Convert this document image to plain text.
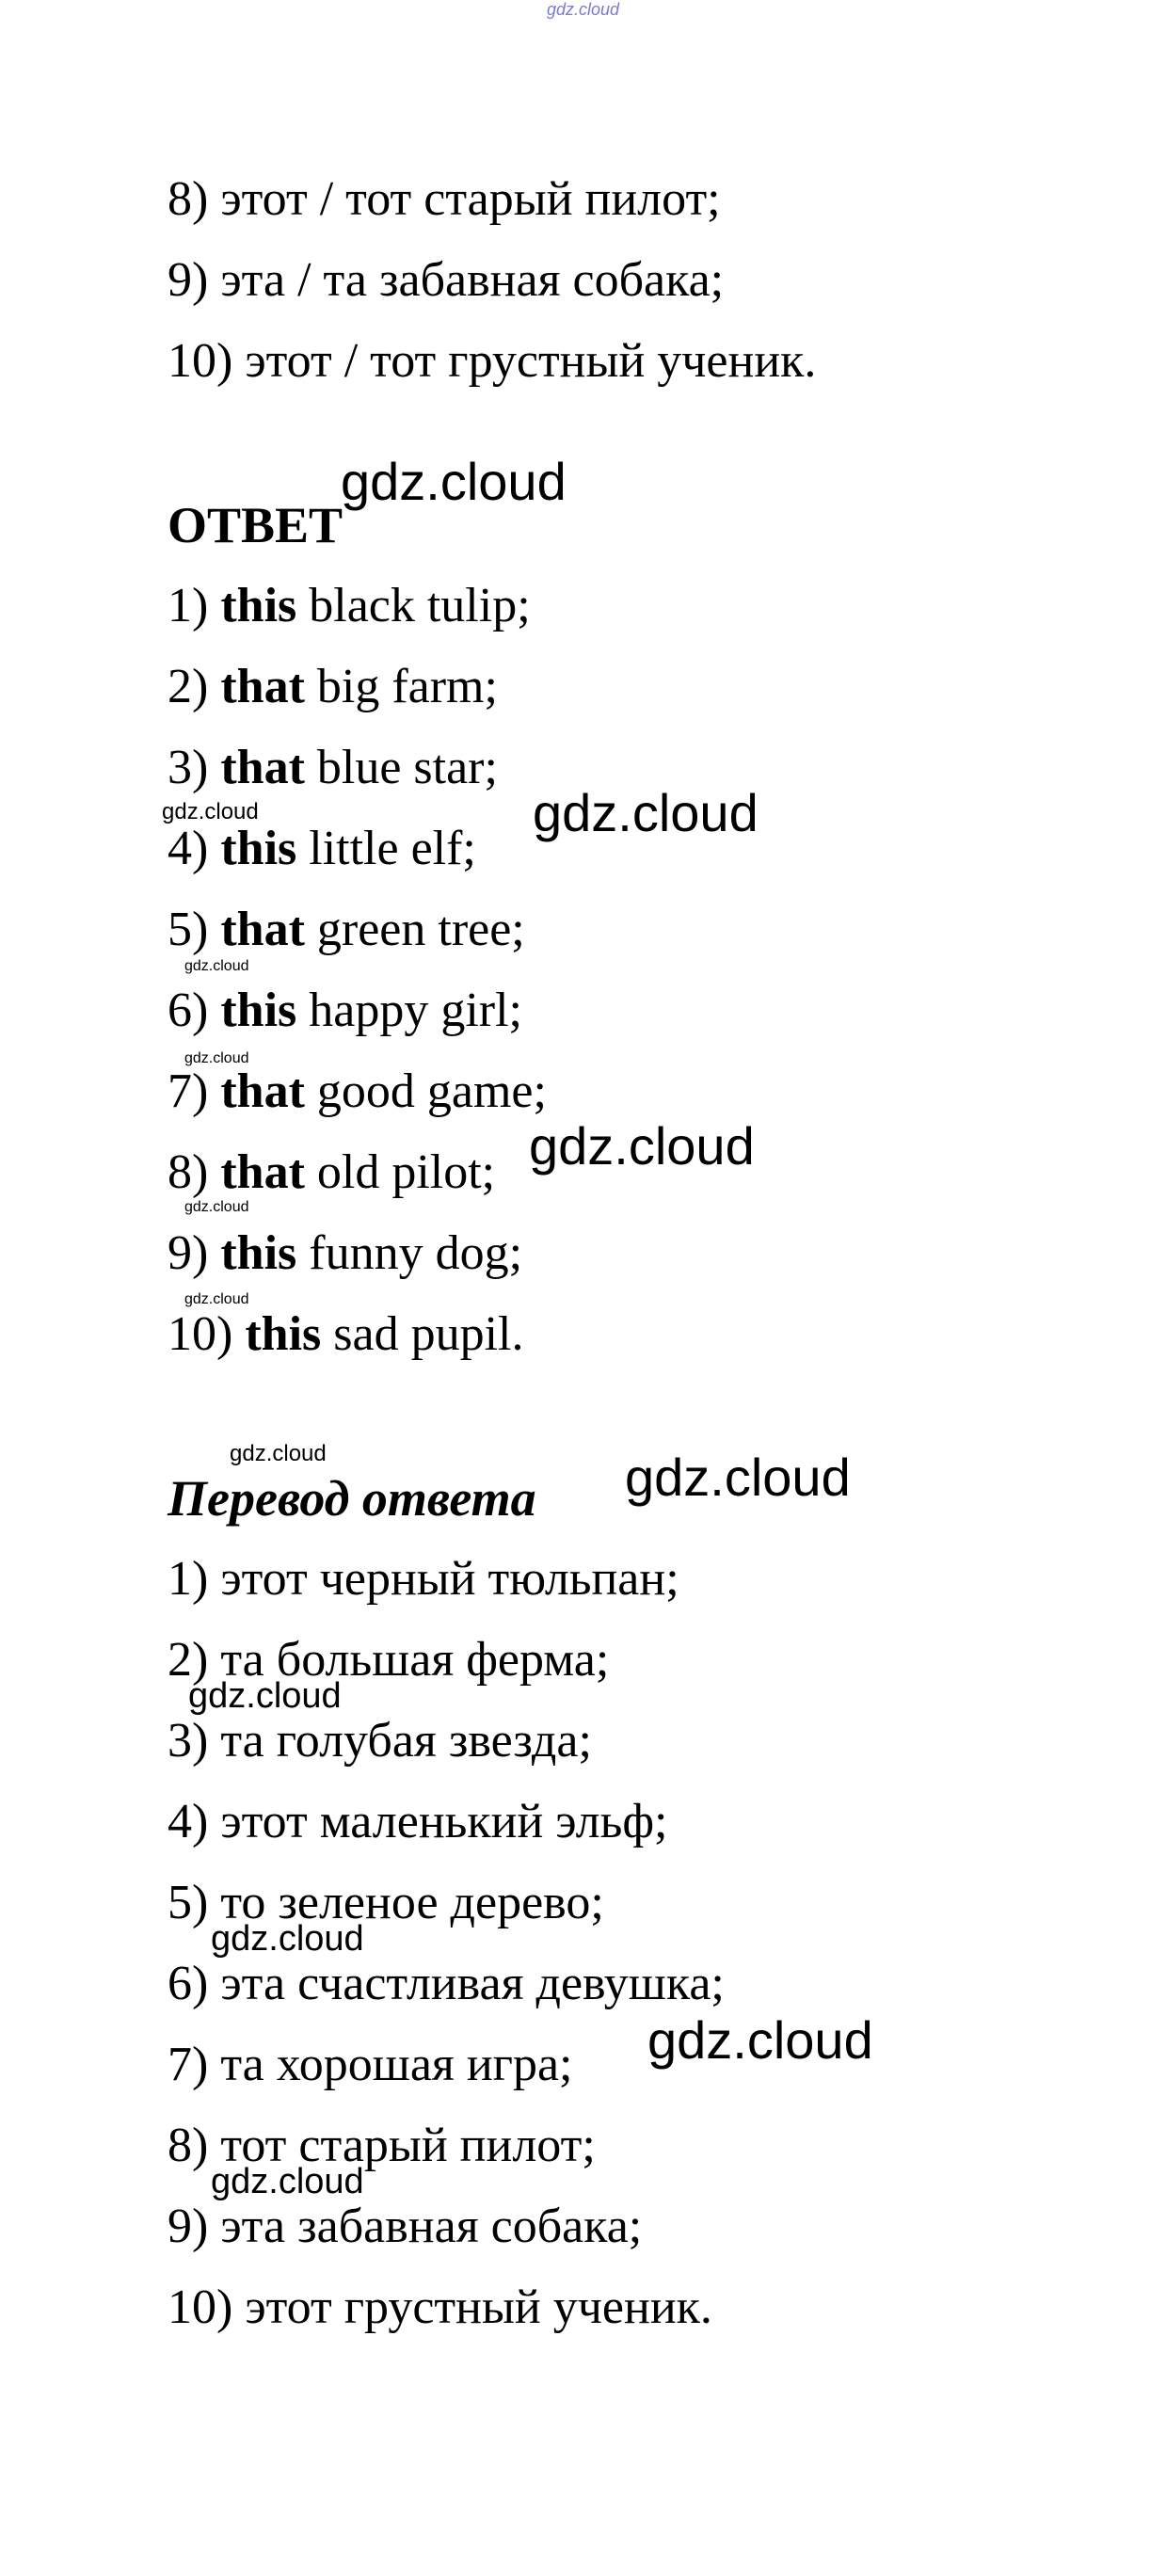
gdz.cloud
8) этот / тот старый пилот;
9) эта / та забавная собака;
10) этот / тот грустный ученик.
ОТВЕТ
1) this black tulip;
2) that big farm;
3) that blue star;
4) this little elf;
5) that green tree;
6) this happy girl;
7) that good game;
8) that old pilot;
9) this funny dog;
10) this sad pupil.
Перевод ответа
1) этот черный тюльпан;
2) та большая ферма;
3) та голубая звезда;
4) этот маленький эльф;
5) то зеленое дерево;
6) эта счастливая девушка;
7) та хорошая игра;
8) тот старый пилот;
9) эта забавная собака;
10) этот грустный ученик.
gdz.cloud
gdz.cloud
gdz.cloud
gdz.cloud
gdz.cloud
gdz.cloud
gdz.cloud
gdz.cloud
gdz.cloud
gdz.cloud
gdz.cloud
gdz.cloud
gdz.cloud
gdz.cloud
